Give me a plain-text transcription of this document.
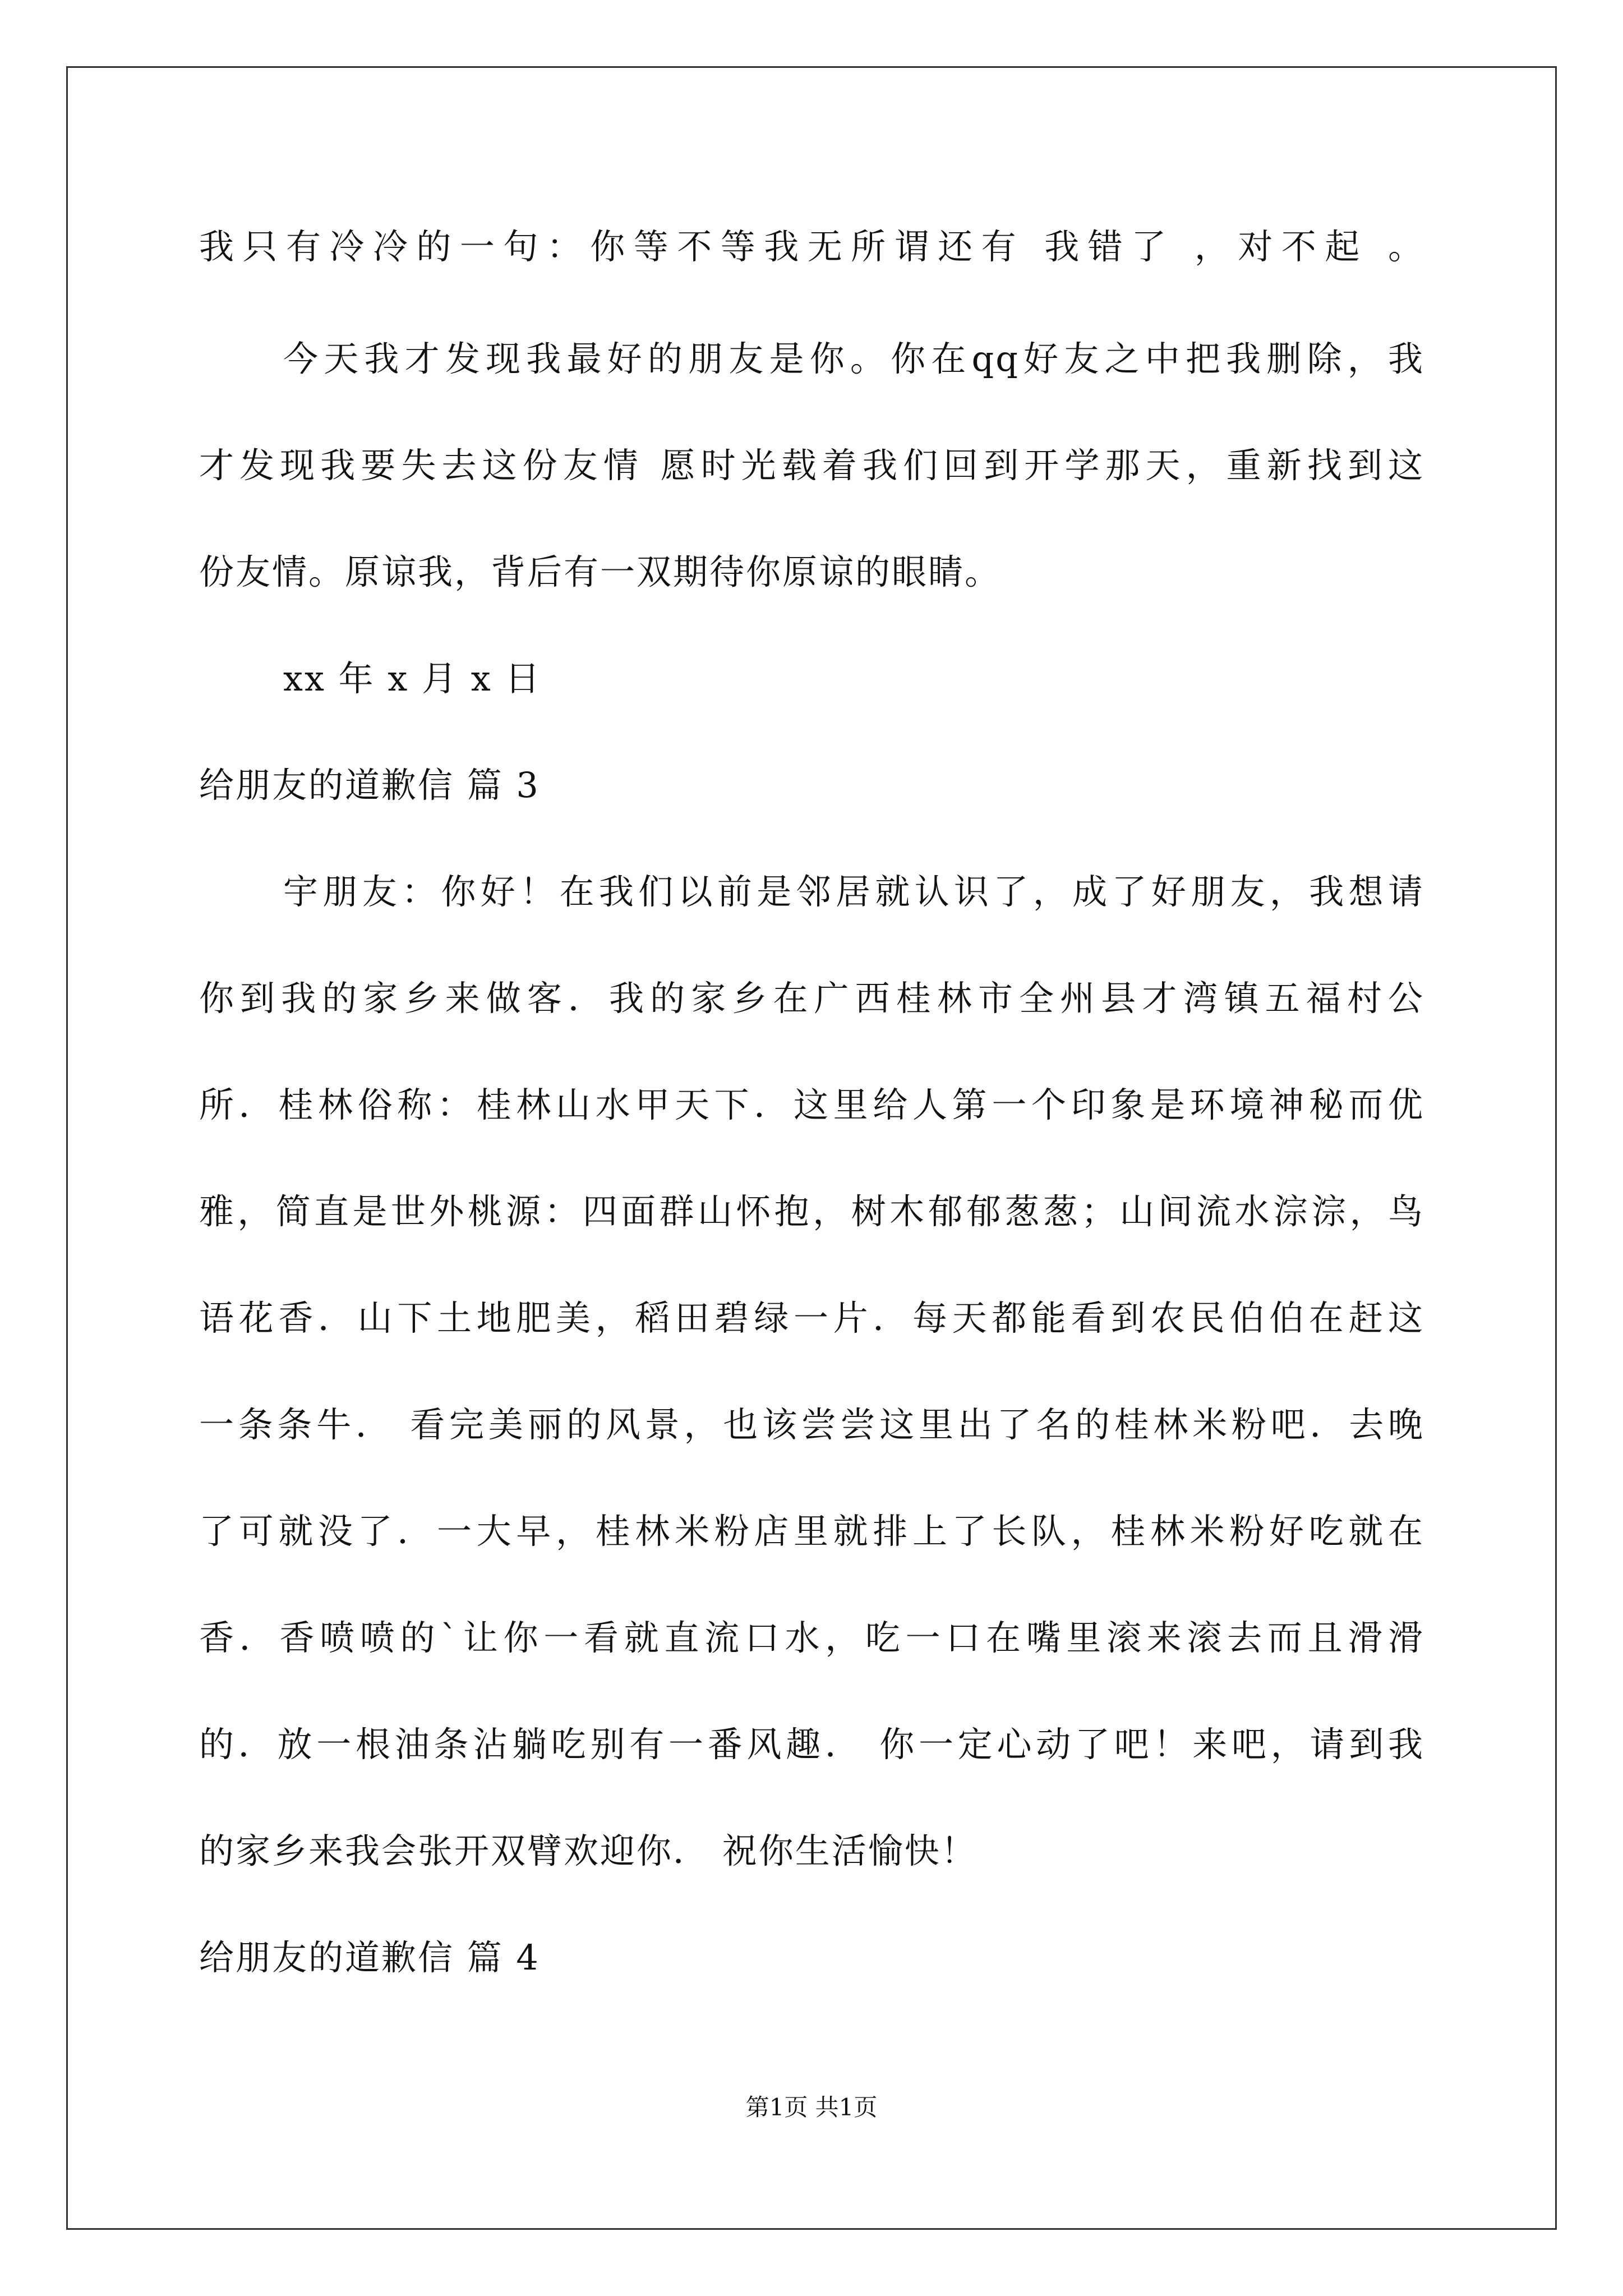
我只有冷冷的一句：你等不等我无所谓还有 我错了 ，对不起 。
今天我才发现我最好的朋友是你。你在qq好友之中把我删除，我
才发现我要失去这份友情 愿时光载着我们回到开学那天，重新找到这
份友情。原谅我，背后有一双期待你原谅的眼睛。
xx 年 x 月 x 日
给朋友的道歉信 篇 3
宇朋友：你好！在我们以前是邻居就认识了，成了好朋友，我想请
你到我的家乡来做客．我的家乡在广西桂林市全州县才湾镇五福村公
所．桂林俗称：桂林山水甲天下．这里给人第一个印象是环境神秘而优
雅，简直是世外桃源：四面群山怀抱，树木郁郁葱葱；山间流水淙淙，鸟
语花香．山下土地肥美，稻田碧绿一片．每天都能看到农民伯伯在赶这
一条条牛． 看完美丽的风景，也该尝尝这里出了名的桂林米粉吧．去晚
了可就没了．一大早，桂林米粉店里就排上了长队，桂林米粉好吃就在
香．香喷喷的`让你一看就直流口水，吃一口在嘴里滚来滚去而且滑滑
的．放一根油条沾躺吃别有一番风趣． 你一定心动了吧！来吧，请到我
的家乡来我会张开双臂欢迎你． 祝你生活愉快！
给朋友的道歉信 篇 4
第1页 共1页
